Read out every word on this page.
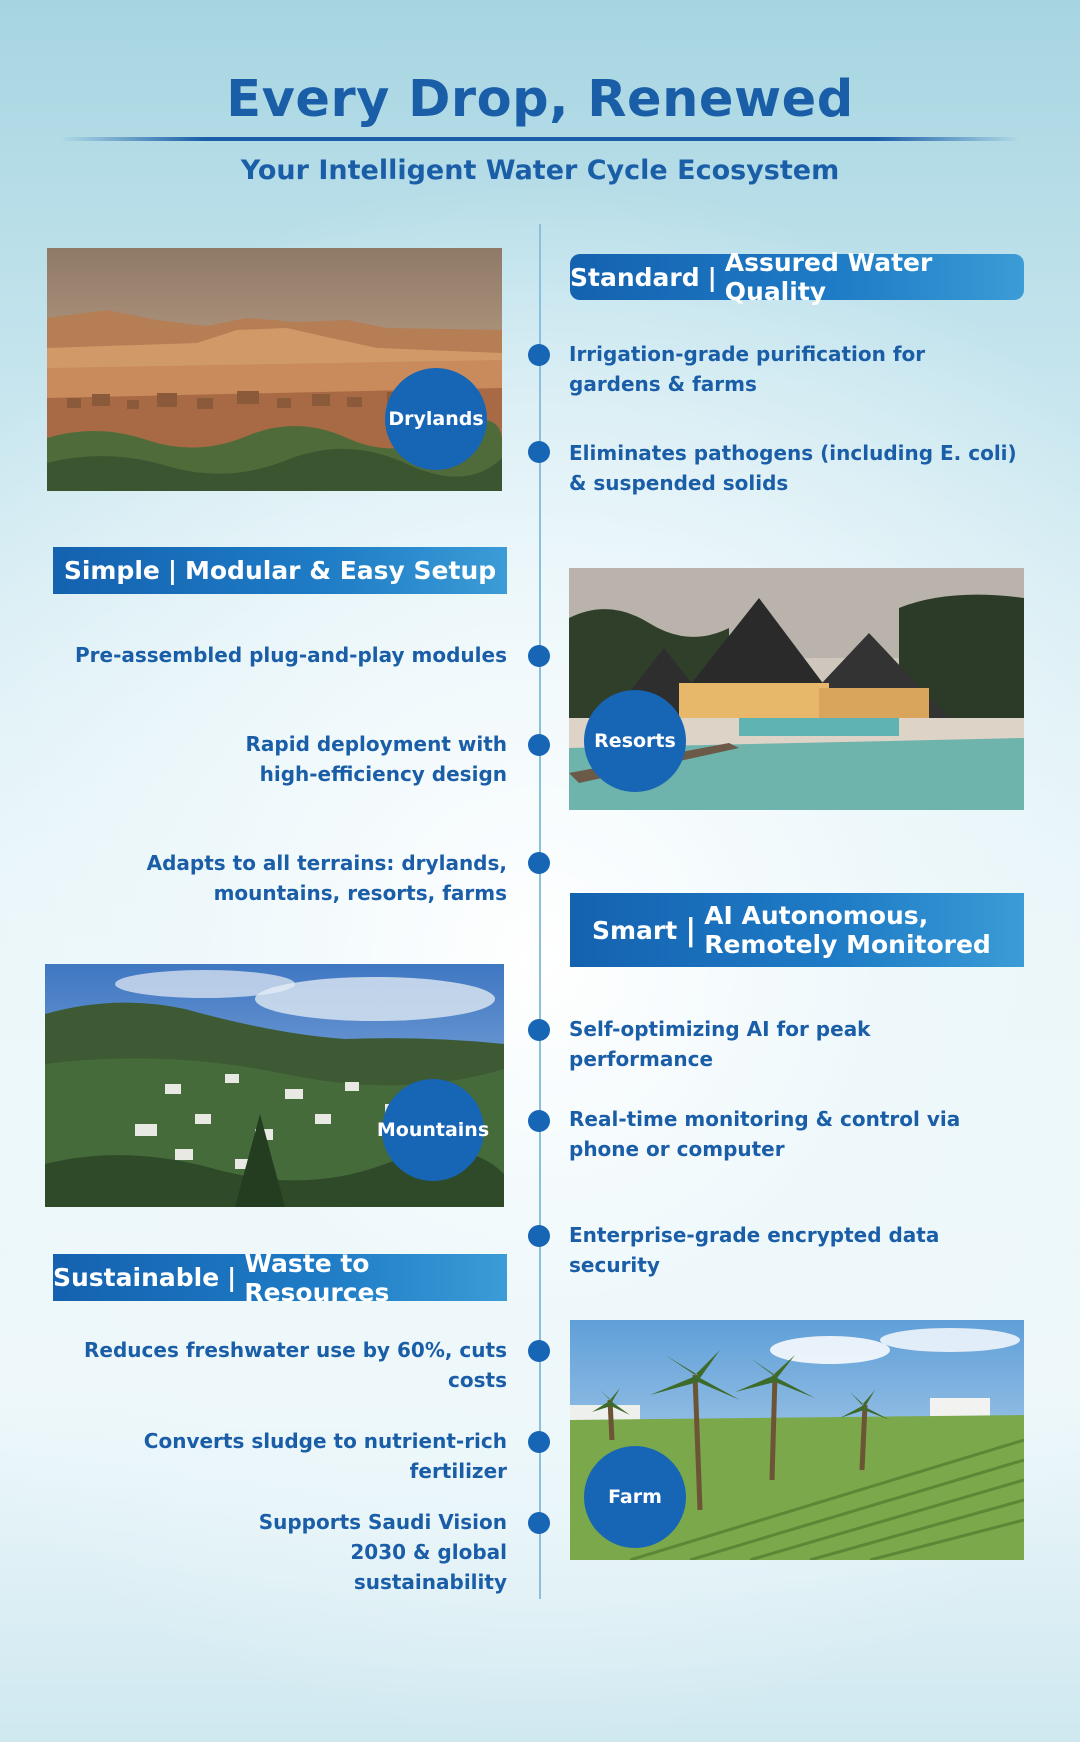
Every Drop, Renewed
Your Intelligent Water Cycle Ecosystem
Drylands
Standard | Assured Water Quality
Irrigation-grade purification for gardens & farms
Eliminates pathogens (including E. coli) & suspended solids
Simple | Modular & Easy Setup
Pre-assembled plug-and-play modules
Rapid deployment with high-efficiency design
Adapts to all terrains: drylands, mountains, resorts, farms
Resorts
Smart | AI Autonomous,
Remotely Monitored
Self-optimizing AI for peak performance
Real-time monitoring & control via phone or computer
Enterprise-grade encrypted data security
Mountains
Sustainable | Waste to Resources
Reduces freshwater use by 60%, cuts costs
Converts sludge to nutrient-rich fertilizer
Supports Saudi Vision 2030 & global sustainability
Farm
